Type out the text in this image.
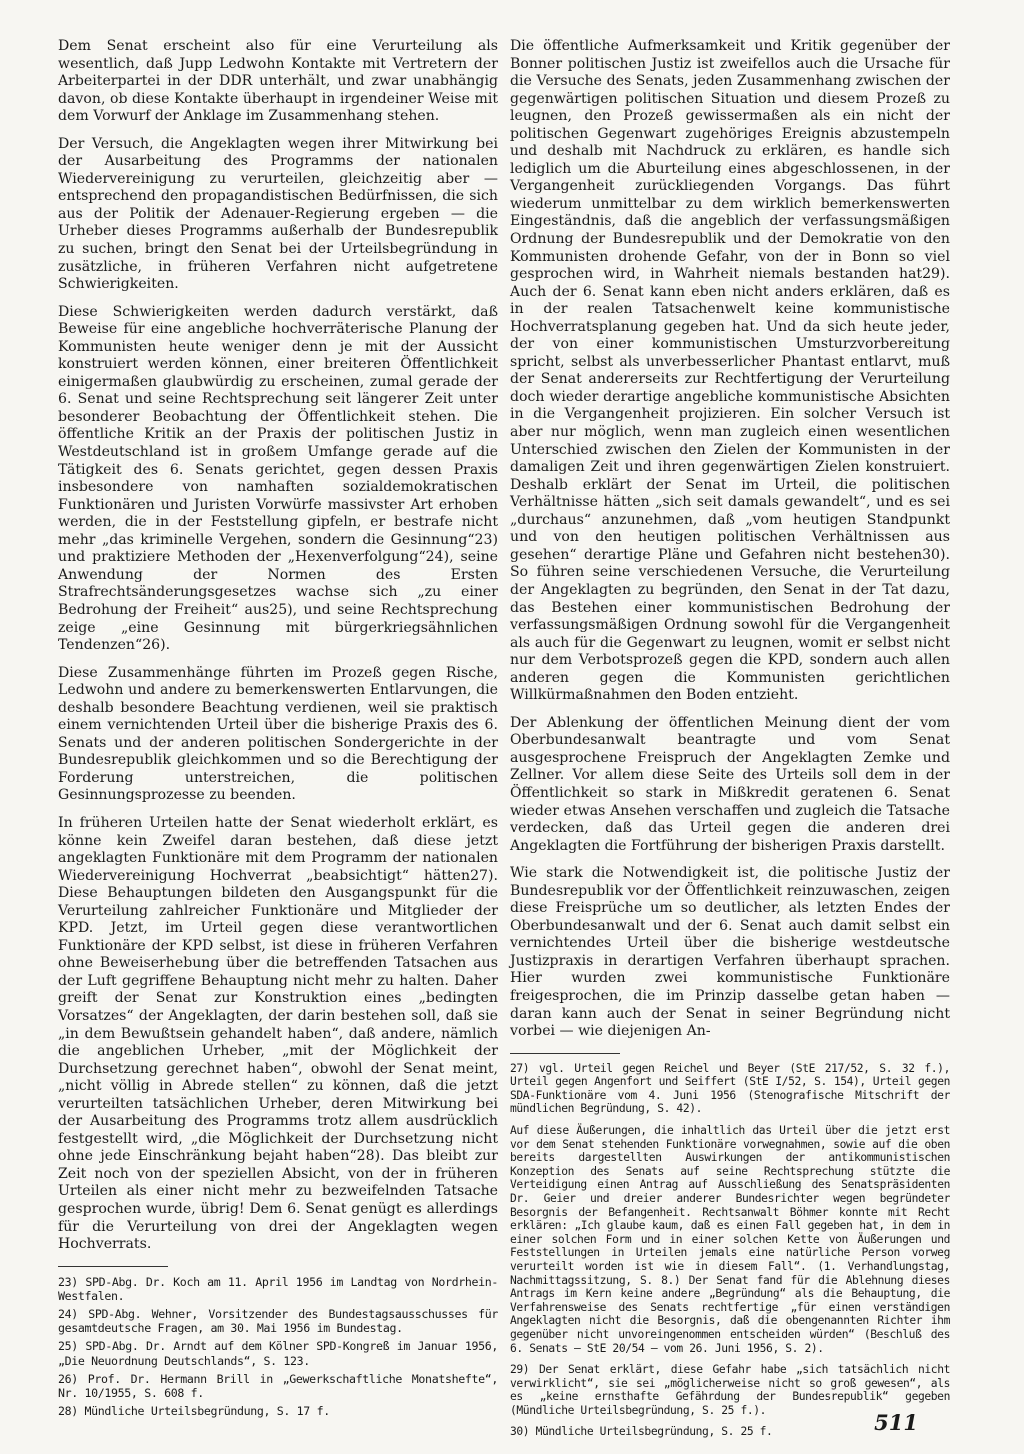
Dem Senat erscheint also für eine Verurteilung als wesentlich, daß Jupp Ledwohn Kontakte mit Vertretern der Arbeiterpartei in der DDR unterhält, und zwar unabhängig davon, ob diese Kontakte überhaupt in irgendeiner Weise mit dem Vorwurf der Anklage im Zusammenhang stehen.

Der Versuch, die Angeklagten wegen ihrer Mitwirkung bei der Ausarbeitung des Programms der nationalen Wiedervereinigung zu verurteilen, gleichzeitig aber — entsprechend den propagandistischen Bedürfnissen, die sich aus der Politik der Adenauer-Regierung ergeben — die Urheber dieses Programms außerhalb der Bundesrepublik zu suchen, bringt den Senat bei der Urteilsbegründung in zusätzliche, in früheren Verfahren nicht aufgetretene Schwierigkeiten.

Diese Schwierigkeiten werden dadurch verstärkt, daß Beweise für eine angebliche hochverräterische Planung der Kommunisten heute weniger denn je mit der Aussicht konstruiert werden können, einer breiteren Öffentlichkeit einigermaßen glaubwürdig zu erscheinen, zumal gerade der 6. Senat und seine Rechtsprechung seit längerer Zeit unter besonderer Beobachtung der Öffentlichkeit stehen. Die öffentliche Kritik an der Praxis der politischen Justiz in Westdeutschland ist in großem Umfange gerade auf die Tätigkeit des 6. Senats gerichtet, gegen dessen Praxis insbesondere von namhaften sozialdemokratischen Funktionären und Juristen Vorwürfe massivster Art erhoben werden, die in der Feststellung gipfeln, er bestrafe nicht mehr „das kriminelle Vergehen, sondern die Gesinnung“23) und praktiziere Methoden der „Hexenverfolgung“24), seine Anwendung der Normen des Ersten Strafrechtsänderungsgesetzes wachse sich „zu einer Bedrohung der Freiheit“ aus25), und seine Rechtsprechung zeige „eine Gesinnung mit bürgerkriegsähnlichen Tendenzen“26).

Diese Zusammenhänge führten im Prozeß gegen Rische, Ledwohn und andere zu bemerkenswerten Entlarvungen, die deshalb besondere Beachtung verdienen, weil sie praktisch einem vernichtenden Urteil über die bisherige Praxis des 6. Senats und der anderen politischen Sondergerichte in der Bundesrepublik gleichkommen und so die Berechtigung der Forderung unterstreichen, die politischen Gesinnungsprozesse zu beenden.

In früheren Urteilen hatte der Senat wiederholt erklärt, es könne kein Zweifel daran bestehen, daß diese jetzt angeklagten Funktionäre mit dem Programm der nationalen Wiedervereinigung Hochverrat „beabsichtigt“ hätten27). Diese Behauptungen bildeten den Ausgangspunkt für die Verurteilung zahlreicher Funktionäre und Mitglieder der KPD. Jetzt, im Urteil gegen diese verantwortlichen Funktionäre der KPD selbst, ist diese in früheren Verfahren ohne Beweiserhebung über die betreffenden Tatsachen aus der Luft gegriffene Behauptung nicht mehr zu halten. Daher greift der Senat zur Konstruktion eines „bedingten Vorsatzes“ der Angeklagten, der darin bestehen soll, daß sie „in dem Bewußtsein gehandelt haben“, daß andere, nämlich die angeblichen Urheber, „mit der Möglichkeit der Durchsetzung gerechnet haben“, obwohl der Senat meint, „nicht völlig in Abrede stellen“ zu können, daß die jetzt verurteilten tatsächlichen Urheber, deren Mitwirkung bei der Ausarbeitung des Programms trotz allem ausdrücklich festgestellt wird, „die Möglichkeit der Durchsetzung nicht ohne jede Einschränkung bejaht haben“28). Das bleibt zur Zeit noch von der speziellen Absicht, von der in früheren Urteilen als einer nicht mehr zu bezweifelnden Tatsache gesprochen wurde, übrig! Dem 6. Senat genügt es allerdings für die Verurteilung von drei der Angeklagten wegen Hochverrats.

23) SPD-Abg. Dr. Koch am 11. April 1956 im Landtag von Nordrhein-Westfalen.

24) SPD-Abg. Wehner, Vorsitzender des Bundestagsausschusses für gesamtdeutsche Fragen, am 30. Mai 1956 im Bundestag.

25) SPD-Abg. Dr. Arndt auf dem Kölner SPD-Kongreß im Januar 1956, „Die Neuordnung Deutschlands“, S. 123.

26) Prof. Dr. Hermann Brill in „Gewerkschaftliche Monatshefte“, Nr. 10/1955, S. 608 f.

28) Mündliche Urteilsbegründung, S. 17 f.

Die öffentliche Aufmerksamkeit und Kritik gegenüber der Bonner politischen Justiz ist zweifellos auch die Ursache für die Versuche des Senats, jeden Zusammenhang zwischen der gegenwärtigen politischen Situation und diesem Prozeß zu leugnen, den Prozeß gewissermaßen als ein nicht der politischen Gegenwart zugehöriges Ereignis abzustempeln und deshalb mit Nachdruck zu erklären, es handle sich lediglich um die Aburteilung eines abgeschlossenen, in der Vergangenheit zurückliegenden Vorgangs. Das führt wiederum unmittelbar zu dem wirklich bemerkenswerten Eingeständnis, daß die angeblich der verfassungsmäßigen Ordnung der Bundesrepublik und der Demokratie von den Kommunisten drohende Gefahr, von der in Bonn so viel gesprochen wird, in Wahrheit niemals bestanden hat29). Auch der 6. Senat kann eben nicht anders erklären, daß es in der realen Tatsachenwelt keine kommunistische Hochverratsplanung gegeben hat. Und da sich heute jeder, der von einer kommunistischen Umsturzvorbereitung spricht, selbst als unverbesserlicher Phantast entlarvt, muß der Senat andererseits zur Rechtfertigung der Verurteilung doch wieder derartige angebliche kommunistische Absichten in die Vergangenheit projizieren. Ein solcher Versuch ist aber nur möglich, wenn man zugleich einen wesentlichen Unterschied zwischen den Zielen der Kommunisten in der damaligen Zeit und ihren gegenwärtigen Zielen konstruiert. Deshalb erklärt der Senat im Urteil, die politischen Verhältnisse hätten „sich seit damals gewandelt“, und es sei „durchaus“ anzunehmen, daß „vom heutigen Standpunkt und von den heutigen politischen Verhältnissen aus gesehen“ derartige Pläne und Gefahren nicht bestehen30). So führen seine verschiedenen Versuche, die Verurteilung der Angeklagten zu begründen, den Senat in der Tat dazu, das Bestehen einer kommunistischen Bedrohung der verfassungsmäßigen Ordnung sowohl für die Vergangenheit als auch für die Gegenwart zu leugnen, womit er selbst nicht nur dem Verbotsprozeß gegen die KPD, sondern auch allen anderen gegen die Kommunisten gerichtlichen Willkürmaßnahmen den Boden entzieht.

Der Ablenkung der öffentlichen Meinung dient der vom Oberbundesanwalt beantragte und vom Senat ausgesprochene Freispruch der Angeklagten Zemke und Zellner. Vor allem diese Seite des Urteils soll dem in der Öffentlichkeit so stark in Mißkredit geratenen 6. Senat wieder etwas Ansehen verschaffen und zugleich die Tatsache verdecken, daß das Urteil gegen die anderen drei Angeklagten die Fortführung der bisherigen Praxis darstellt.

Wie stark die Notwendigkeit ist, die politische Justiz der Bundesrepublik vor der Öffentlichkeit reinzuwaschen, zeigen diese Freisprüche um so deutlicher, als letzten Endes der Oberbundesanwalt und der 6. Senat auch damit selbst ein vernichtendes Urteil über die bisherige westdeutsche Justizpraxis in derartigen Verfahren überhaupt sprachen. Hier wurden zwei kommunistische Funktionäre freigesprochen, die im Prinzip dasselbe getan haben — daran kann auch der Senat in seiner Begründung nicht vorbei — wie diejenigen An-

27) vgl. Urteil gegen Reichel und Beyer (StE 217/52, S. 32 f.), Urteil gegen Angenfort und Seiffert (StE I/52, S. 154), Urteil gegen SDA-Funktionäre vom 4. Juni 1956 (Stenografische Mitschrift der mündlichen Begründung, S. 42).

Auf diese Äußerungen, die inhaltlich das Urteil über die jetzt erst vor dem Senat stehenden Funktionäre vorwegnahmen, sowie auf die oben bereits dargestellten Auswirkungen der antikommunistischen Konzeption des Senats auf seine Rechtsprechung stützte die Verteidigung einen Antrag auf Ausschließung des Senatspräsidenten Dr. Geier und dreier anderer Bundesrichter wegen begründeter Besorgnis der Befangenheit. Rechtsanwalt Böhmer konnte mit Recht erklären: „Ich glaube kaum, daß es einen Fall gegeben hat, in dem in einer solchen Form und in einer solchen Kette von Äußerungen und Feststellungen in Urteilen jemals eine natürliche Person vorweg verurteilt worden ist wie in diesem Fall“. (1. Verhandlungstag, Nachmittagssitzung, S. 8.) Der Senat fand für die Ablehnung dieses Antrags im Kern keine andere „Begründung“ als die Behauptung, die Verfahrensweise des Senats rechtfertige „für einen verständigen Angeklagten nicht die Besorgnis, daß die obengenannten Richter ihm gegenüber nicht unvoreingenommen entscheiden würden“ (Beschluß des 6. Senats — StE 20/54 — vom 26. Juni 1956, S. 2).

29) Der Senat erklärt, diese Gefahr habe „sich tatsächlich nicht verwirklicht“, sie sei „möglicherweise nicht so groß gewesen“, als es „keine ernsthafte Gefährdung der Bundesrepublik“ gegeben (Mündliche Urteilsbegründung, S. 25 f.).

30) Mündliche Urteilsbegründung, S. 25 f.	511
